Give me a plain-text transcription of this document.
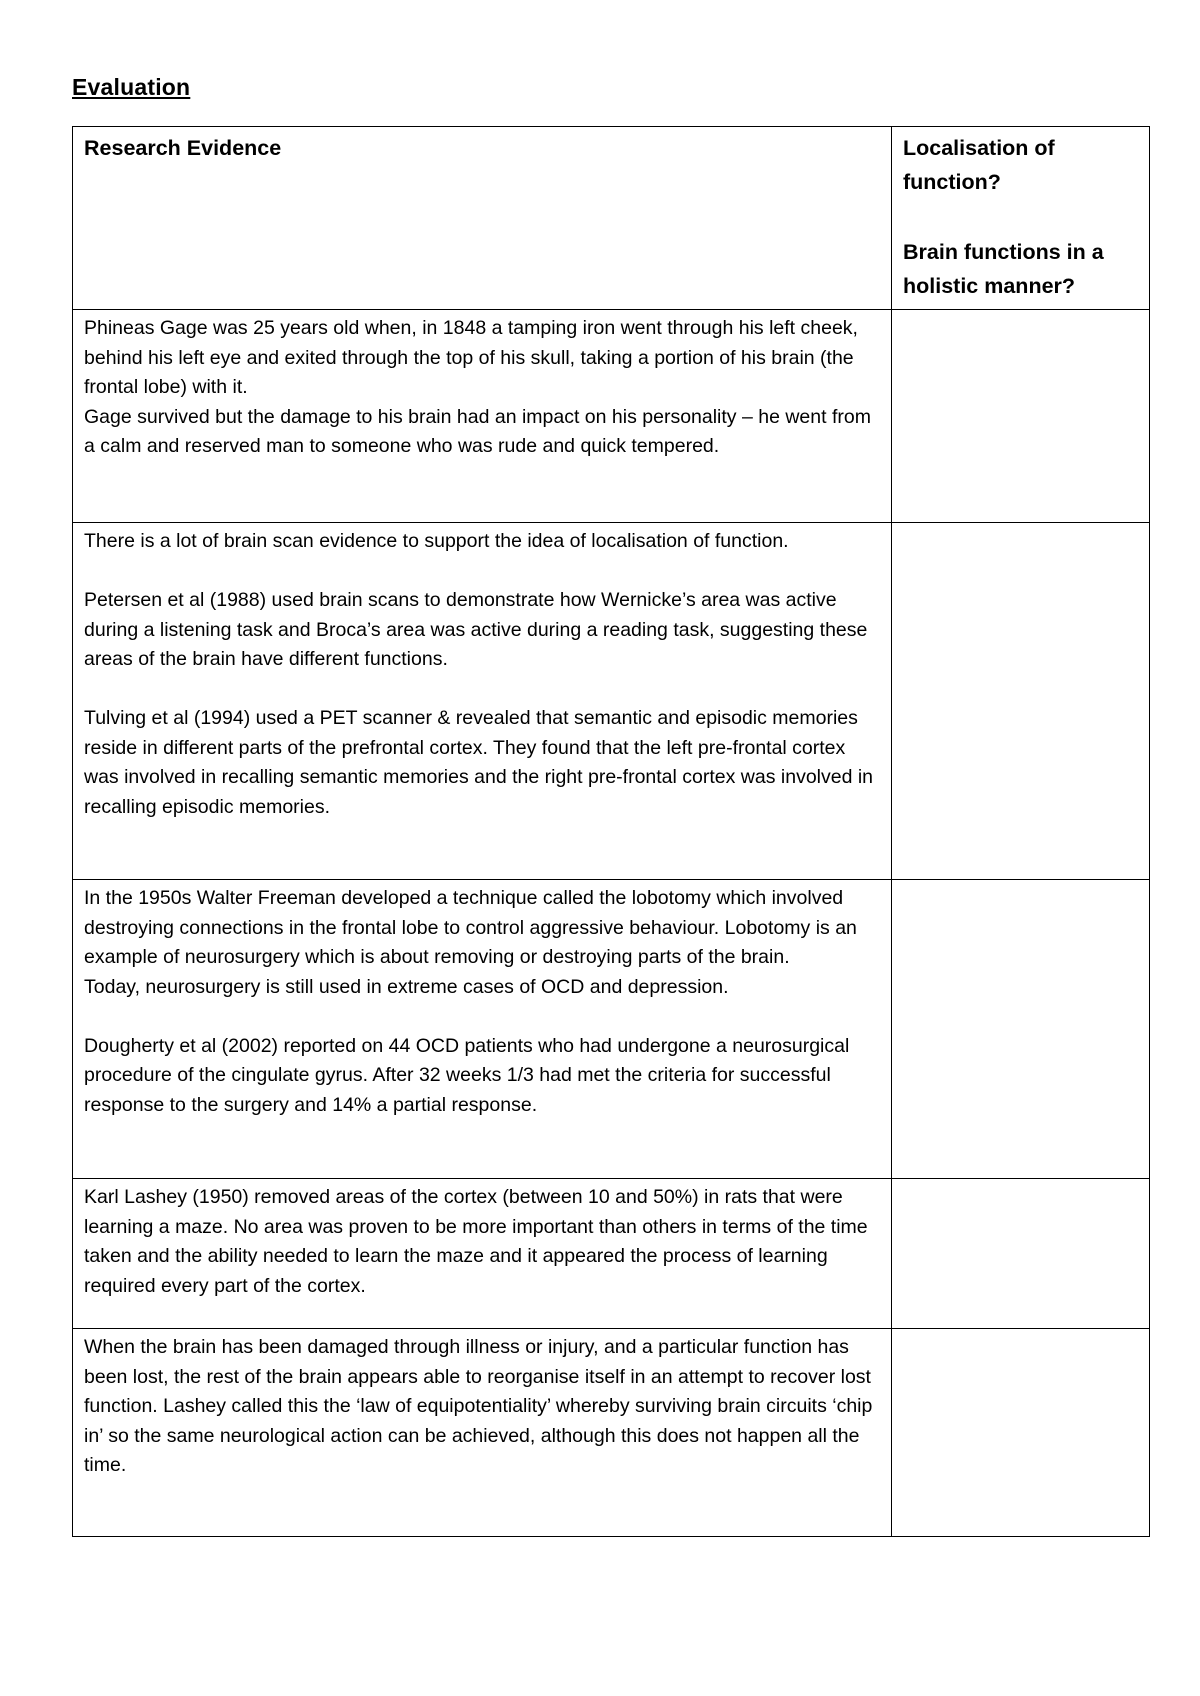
Evaluation
Research Evidence	Localisation of function?
Brain functions in a holistic manner?

Phineas Gage was 25 years old when, in 1848 a tamping iron went through his left cheek, behind his left eye and exited through the top of his skull, taking a portion of his brain (the frontal lobe) with it.
Gage survived but the damage to his brain had an impact on his personality – he went from a calm and reserved man to someone who was rude and quick tempered.	

There is a lot of brain scan evidence to support the idea of localisation of function.
Petersen et al (1988) used brain scans to demonstrate how Wernicke’s area was active during a listening task and Broca’s area was active during a reading task, suggesting these areas of the brain have different functions.
Tulving et al (1994) used a PET scanner & revealed that semantic and episodic memories reside in different parts of the prefrontal cortex. They found that the left pre-frontal cortex was involved in recalling semantic memories and the right pre-frontal cortex was involved in recalling episodic memories.	

In the 1950s Walter Freeman developed a technique called the lobotomy which involved destroying connections in the frontal lobe to control aggressive behaviour. Lobotomy is an example of neurosurgery which is about removing or destroying parts of the brain.
Today, neurosurgery is still used in extreme cases of OCD and depression.
Dougherty et al (2002) reported on 44 OCD patients who had undergone a neurosurgical procedure of the cingulate gyrus. After 32 weeks 1/3 had met the criteria for successful response to the surgery and 14% a partial response.	

Karl Lashey (1950) removed areas of the cortex (between 10 and 50%) in rats that were learning a maze. No area was proven to be more important than others in terms of the time taken and the ability needed to learn the maze and it appeared the process of learning required every part of the cortex.	

When the brain has been damaged through illness or injury, and a particular function has been lost, the rest of the brain appears able to reorganise itself in an attempt to recover lost function. Lashey called this the ‘law of equipotentiality’ whereby surviving brain circuits ‘chip in’ so the same neurological action can be achieved, although this does not happen all the time.	
